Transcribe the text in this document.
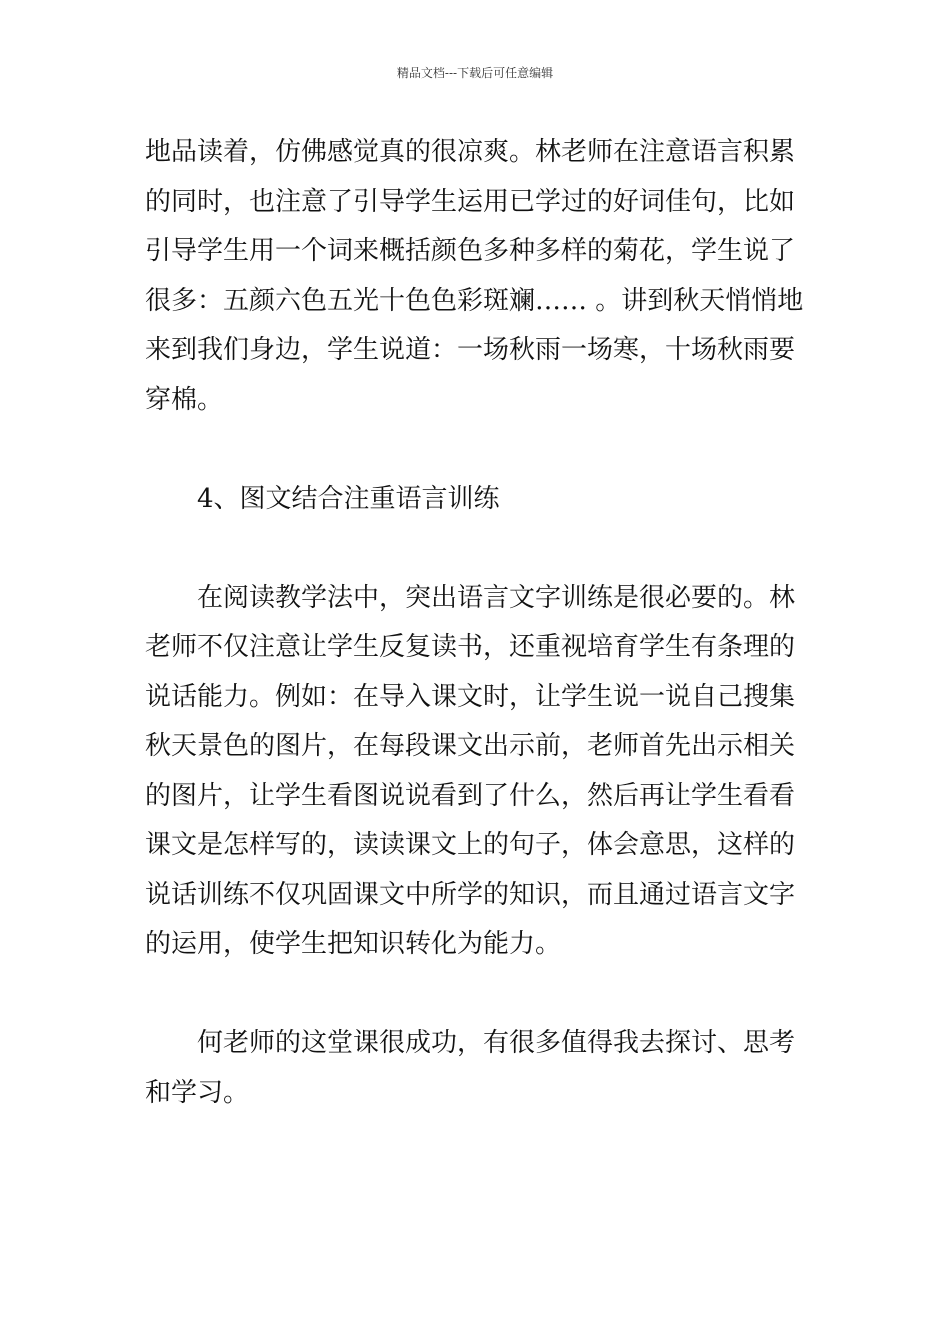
精品文档---下载后可任意编辑
地品读着，仿佛感觉真的很凉爽。林老师在注意语言积累
的同时，也注意了引导学生运用已学过的好词佳句，比如
引导学生用一个词来概括颜色多种多样的菊花，学生说了
很多：五颜六色五光十色色彩斑斓…… 。讲到秋天悄悄地
来到我们身边，学生说道：一场秋雨一场寒，十场秋雨要
穿棉。
　　4、图文结合注重语言训练
　　在阅读教学法中，突出语言文字训练是很必要的。林
老师不仅注意让学生反复读书，还重视培育学生有条理的
说话能力。例如：在导入课文时，让学生说一说自己搜集
秋天景色的图片，在每段课文出示前，老师首先出示相关
的图片，让学生看图说说看到了什么，然后再让学生看看
课文是怎样写的，读读课文上的句子，体会意思，这样的
说话训练不仅巩固课文中所学的知识，而且通过语言文字
的运用，使学生把知识转化为能力。
　　何老师的这堂课很成功，有很多值得我去探讨、思考
和学习。
